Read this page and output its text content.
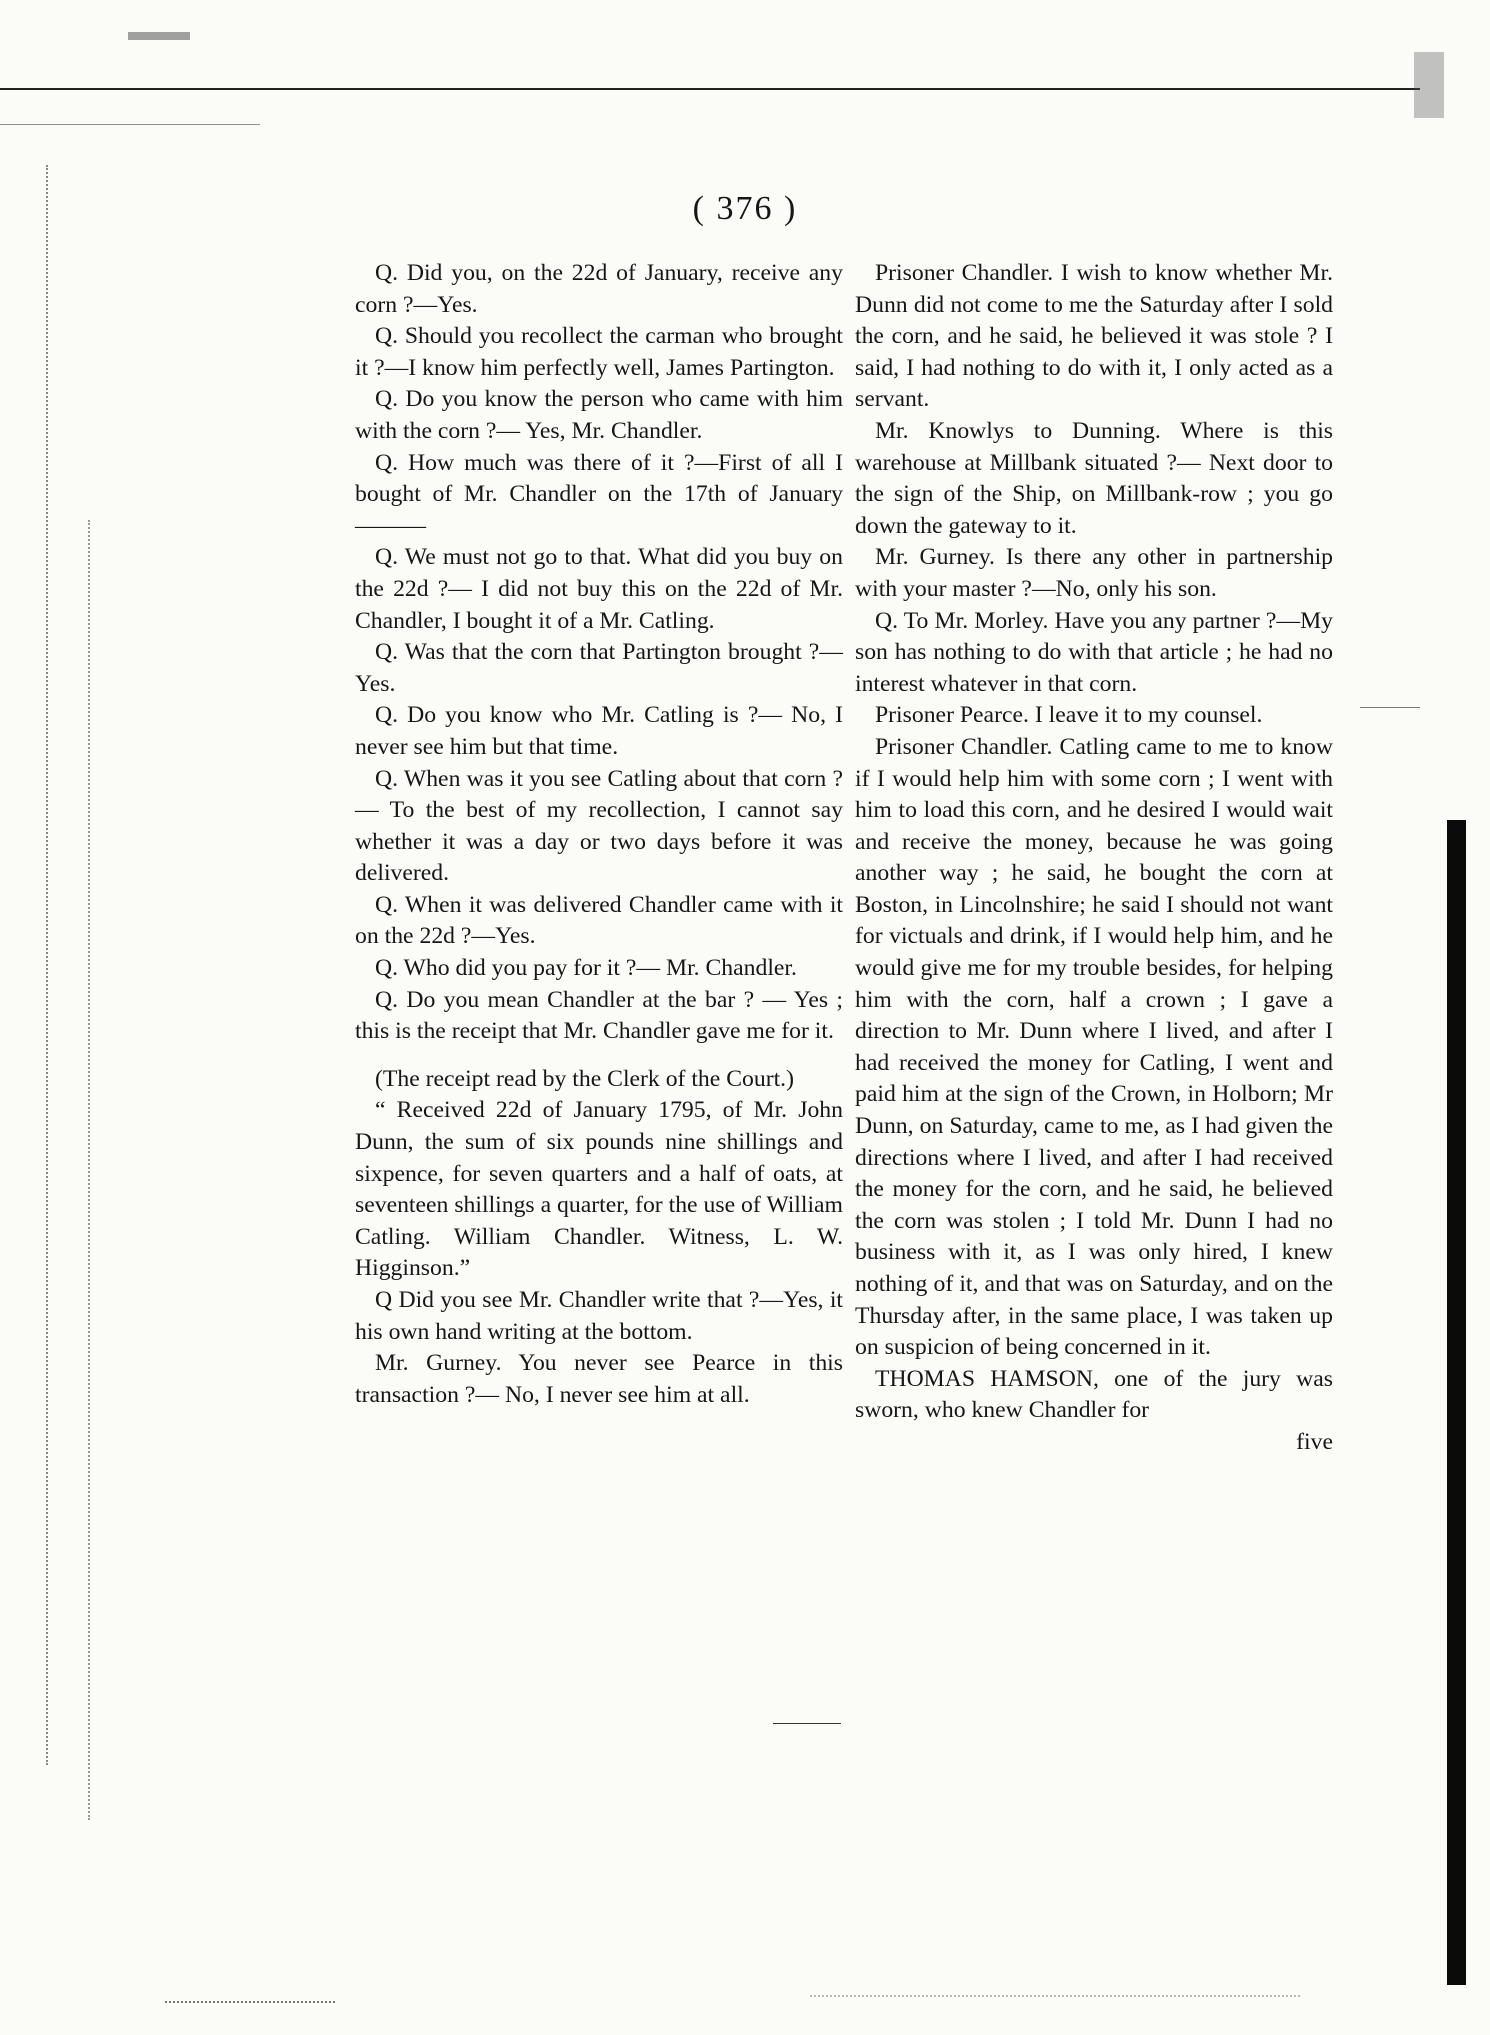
( 376 )

Q. Did you, on the 22d of January, receive any corn ?—Yes.

Q. Should you recollect the carman who brought it ?—I know him perfectly well, James Partington.

Q. Do you know the person who came with him with the corn ?— Yes, Mr. Chandler.

Q. How much was there of it ?—First of all I bought of Mr. Chandler on the 17th of January———

Q. We must not go to that. What did you buy on the 22d ?— I did not buy this on the 22d of Mr. Chandler, I bought it of a Mr. Catling.

Q. Was that the corn that Partington brought ?— Yes.

Q. Do you know who Mr. Catling is ?— No, I never see him but that time.

Q. When was it you see Catling about that corn ?— To the best of my recollection, I cannot say whether it was a day or two days before it was delivered.

Q. When it was delivered Chandler came with it on the 22d ?—Yes.

Q. Who did you pay for it ?— Mr. Chandler.

Q. Do you mean Chandler at the bar ? — Yes ; this is the receipt that Mr. Chandler gave me for it.

(The receipt read by the Clerk of the Court.)

“ Received 22d of January 1795, of Mr. John Dunn, the sum of six pounds nine shillings and sixpence, for seven quarters and a half of oats, at seventeen shillings a quarter, for the use of William Catling. William Chandler. Witness, L. W. Higginson.”

Q Did you see Mr. Chandler write that ?—Yes, it his own hand writing at the bottom.

Mr. Gurney. You never see Pearce in this transaction ?— No, I never see him at all.

Prisoner Chandler. I wish to know whether Mr. Dunn did not come to me the Saturday after I sold the corn, and he said, he believed it was stole ? I said, I had nothing to do with it, I only acted as a servant.

Mr. Knowlys to Dunning. Where is this warehouse at Millbank situated ?— Next door to the sign of the Ship, on Millbank-row ; you go down the gateway to it.

Mr. Gurney. Is there any other in partnership with your master ?—No, only his son.

Q. To Mr. Morley. Have you any partner ?—My son has nothing to do with that article ; he had no interest whatever in that corn.

Prisoner Pearce. I leave it to my counsel.

Prisoner Chandler. Catling came to me to know if I would help him with some corn ; I went with him to load this corn, and he desired I would wait and receive the money, because he was going another way ; he said, he bought the corn at Boston, in Lincolnshire; he said I should not want for victuals and drink, if I would help him, and he would give me for my trouble besides, for helping him with the corn, half a crown ; I gave a direction to Mr. Dunn where I lived, and after I had received the money for Catling, I went and paid him at the sign of the Crown, in Holborn; Mr Dunn, on Saturday, came to me, as I had given the directions where I lived, and after I had received the money for the corn, and he said, he believed the corn was stolen ; I told Mr. Dunn I had no business with it, as I was only hired, I knew nothing of it, and that was on Saturday, and on the Thursday after, in the same place, I was taken up on suspicion of being concerned in it.

THOMAS HAMSON, one of the jury was sworn, who knew Chandler for

five
